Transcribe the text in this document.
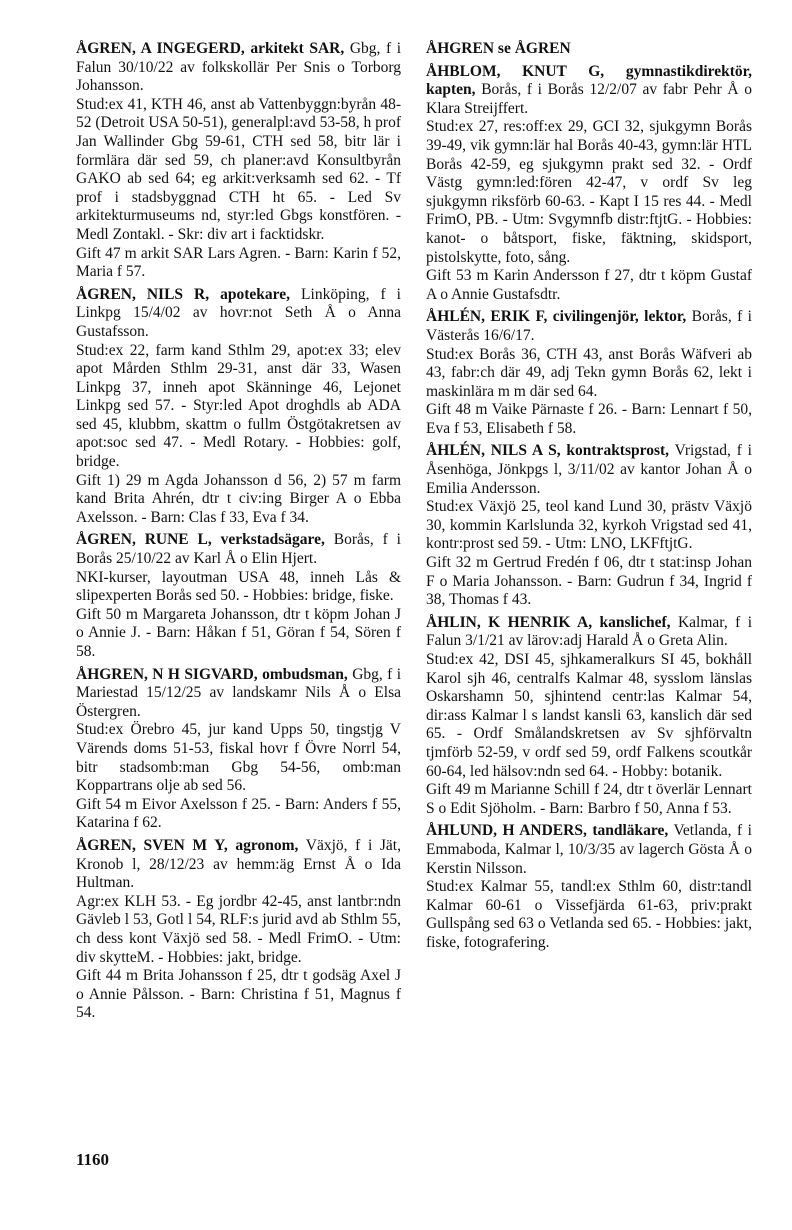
ÅGREN, A INGEGERD, arkitekt SAR, Gbg, f i Falun 30/10/22 av folkskollär Per Snis o Torborg Johansson.

Stud:ex 41, KTH 46, anst ab Vattenbyggn:byrån 48-52 (Detroit USA 50-51), generalpl:avd 53-58, h prof Jan Wallinder Gbg 59-61, CTH sed 58, bitr lär i formlära där sed 59, ch planer:avd Konsultbyrån GAKO ab sed 64; eg arkit:verksamh sed 62. - Tf prof i stadsbyggnad CTH ht 65. - Led Sv arkitekturmuseums nd, styr:led Gbgs konstfören. - Medl Zontakl. - Skr: div art i facktidskr.

Gift 47 m arkit SAR Lars Agren. - Barn: Karin f 52, Maria f 57.

ÅGREN, NILS R, apotekare, Linköping, f i Linkpg 15/4/02 av hovr:not Seth Å o Anna Gustafsson.

Stud:ex 22, farm kand Sthlm 29, apot:ex 33; elev apot Mården Sthlm 29-31, anst där 33, Wasen Linkpg 37, inneh apot Skänninge 46, Lejonet Linkpg sed 57. - Styr:led Apot droghdls ab ADA sed 45, klubbm, skattm o fullm Östgötakretsen av apot:soc sed 47. - Medl Rotary. - Hobbies: golf, bridge.

Gift 1) 29 m Agda Johansson d 56, 2) 57 m farm kand Brita Ahrén, dtr t civ:ing Birger A o Ebba Axelsson. - Barn: Clas f 33, Eva f 34.

ÅGREN, RUNE L, verkstadsägare, Borås, f i Borås 25/10/22 av Karl Å o Elin Hjert.

NKI-kurser, layoutman USA 48, inneh Lås & slipexperten Borås sed 50. - Hobbies: bridge, fiske.

Gift 50 m Margareta Johansson, dtr t köpm Johan J o Annie J. - Barn: Håkan f 51, Göran f 54, Sören f 58.

ÅHGREN, N H SIGVARD, ombudsman, Gbg, f i Mariestad 15/12/25 av landskamr Nils Å o Elsa Östergren.

Stud:ex Örebro 45, jur kand Upps 50, tingstjg V Värends doms 51-53, fiskal hovr f Övre Norrl 54, bitr stadsomb:man Gbg 54-56, omb:man Koppartrans olje ab sed 56.

Gift 54 m Eivor Axelsson f 25. - Barn: Anders f 55, Katarina f 62.

ÅGREN, SVEN M Y, agronom, Växjö, f i Jät, Kronob l, 28/12/23 av hemm:äg Ernst Å o Ida Hultman.

Agr:ex KLH 53. - Eg jordbr 42-45, anst lantbr:ndn Gävleb l 53, Gotl l 54, RLF:s jurid avd ab Sthlm 55, ch dess kont Växjö sed 58. - Medl FrimO. - Utm: div skytteM. - Hobbies: jakt, bridge.

Gift 44 m Brita Johansson f 25, dtr t godsäg Axel J o Annie Pålsson. - Barn: Christina f 51, Magnus f 54.

ÅHGREN se ÅGREN

ÅHBLOM, KNUT G, gymnastikdirektör, kapten, Borås, f i Borås 12/2/07 av fabr Pehr Å o Klara Streijffert.

Stud:ex 27, res:off:ex 29, GCI 32, sjukgymn Borås 39-49, vik gymn:lär hal Borås 40-43, gymn:lär HTL Borås 42-59, eg sjukgymn prakt sed 32. - Ordf Västg gymn:led:fören 42-47, v ordf Sv leg sjukgymn riksförb 60-63. - Kapt I 15 res 44. - Medl FrimO, PB. - Utm: Svgymnfb distr:ftjtG. - Hobbies: kanot- o båtsport, fiske, fäktning, skidsport, pistolskytte, foto, sång.

Gift 53 m Karin Andersson f 27, dtr t köpm Gustaf A o Annie Gustafsdtr.

ÅHLÉN, ERIK F, civilingenjör, lektor, Borås, f i Västerås 16/6/17.

Stud:ex Borås 36, CTH 43, anst Borås Wäfveri ab 43, fabr:ch där 49, adj Tekn gymn Borås 62, lekt i maskinlära m m där sed 64.

Gift 48 m Vaike Pärnaste f 26. - Barn: Lennart f 50, Eva f 53, Elisabeth f 58.

ÅHLÉN, NILS A S, kontraktsprost, Vrigstad, f i Åsenhöga, Jönkpgs l, 3/11/02 av kantor Johan Å o Emilia Andersson.

Stud:ex Växjö 25, teol kand Lund 30, prästv Växjö 30, kommin Karlslunda 32, kyrkoh Vrigstad sed 41, kontr:prost sed 59. - Utm: LNO, LKFftjtG.

Gift 32 m Gertrud Fredén f 06, dtr t stat:insp Johan F o Maria Johansson. - Barn: Gudrun f 34, Ingrid f 38, Thomas f 43.

ÅHLIN, K HENRIK A, kanslichef, Kalmar, f i Falun 3/1/21 av lärov:adj Harald Å o Greta Alin.

Stud:ex 42, DSI 45, sjhkameralkurs SI 45, bokhåll Karol sjh 46, centralfs Kalmar 48, sysslom länslas Oskarshamn 50, sjhintend centr:las Kalmar 54, dir:ass Kalmar l s landst kansli 63, kanslich där sed 65. - Ordf Smålandskretsen av Sv sjhförvaltn tjmförb 52-59, v ordf sed 59, ordf Falkens scoutkår 60-64, led hälsov:ndn sed 64. - Hobby: botanik.

Gift 49 m Marianne Schill f 24, dtr t överlär Lennart S o Edit Sjöholm. - Barn: Barbro f 50, Anna f 53.

ÅHLUND, H ANDERS, tandläkare, Vetlanda, f i Emmaboda, Kalmar l, 10/3/35 av lagerch Gösta Å o Kerstin Nilsson.

Stud:ex Kalmar 55, tandl:ex Sthlm 60, distr:tandl Kalmar 60-61 o Vissefjärda 61-63, priv:prakt Gullspång sed 63 o Vetlanda sed 65. - Hobbies: jakt, fiske, fotografering.

1160
